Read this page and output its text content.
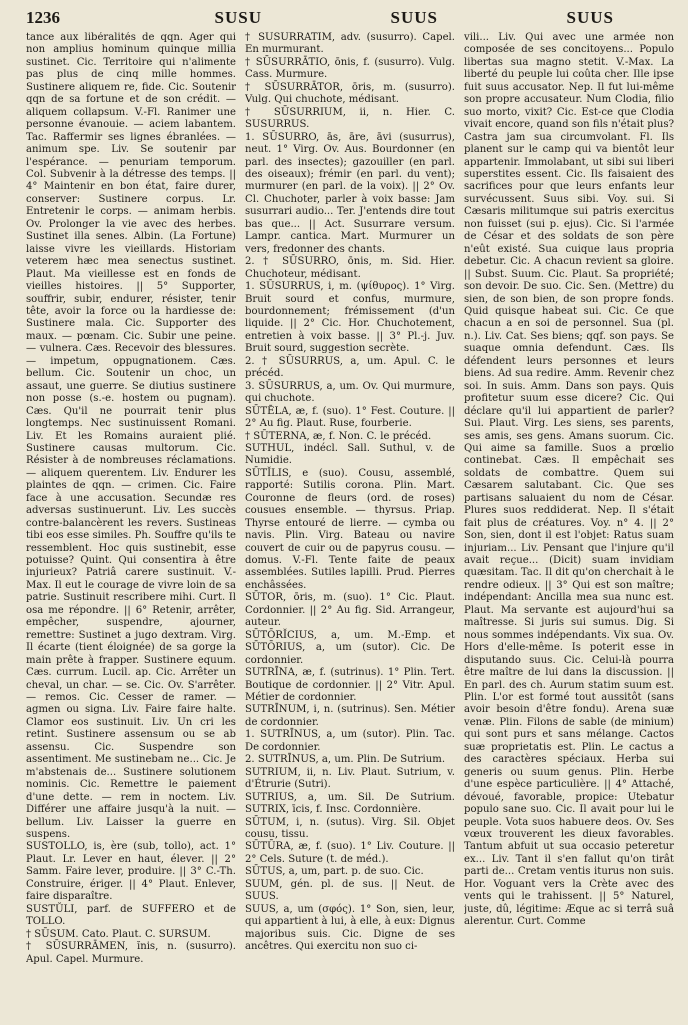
1236	SUSU	SUUS	SUUS

tance aux libéralités de qqn. Ager qui non amplius hominum quinque millia sustinet. Cic. Territoire qui n'alimente pas plus de cinq mille hommes. Sustinere aliquem re, fide. Cic. Soutenir qqn de sa fortune et de son crédit. — aliquem collapsum. V.-Fl. Ranimer une personne évanouie. — aciem labantem. Tac. Raffermir ses lignes ébranlées. — animum spe. Liv. Se soutenir par l'espérance. — penuriam temporum. Col. Subvenir à la détresse des temps. || 4° Maintenir en bon état, faire durer, conserver: Sustinere corpus. Lr. Entretenir le corps. — animam herbis. Ov. Prolonger la vie avec des herbes. Sustinet illa senes. Albin. (La Fortune) laisse vivre les vieillards. Historiam veterem hæc mea senectus sustinet. Plaut. Ma vieillesse est en fonds de vieilles histoires. || 5° Supporter, souffrir, subir, endurer, résister, tenir tête, avoir la force ou la hardiesse de: Sustinere mala. Cic. Supporter des maux. — pœnam. Cic. Subir une peine. — vulnera. Cæs. Recevoir des blessures. — impetum, oppugnationem. Cæs. bellum. Cic. Soutenir un choc, un assaut, une guerre. Se diutius sustinere non posse (s.-e. hostem ou pugnam). Cæs. Qu'il ne pourrait tenir plus longtemps. Nec sustinuissent Romani. Liv. Et les Romains auraient plié. Sustinere causas multorum. Cic. Résister à de nombreuses réclamations. — aliquem querentem. Liv. Endurer les plaintes de qqn. — crimen. Cic. Faire face à une accusation. Secundæ res adversas sustinuerunt. Liv. Les succès contre-balancèrent les revers. Sustineas tibi eos esse similes. Ph. Souffre qu'ils te ressemblent. Hoc quis sustinebit, esse potuisse? Quint. Qui consentira à être injurieux? Patriâ carere sustinuit. V.-Max. Il eut le courage de vivre loin de sa patrie. Sustinuit rescribere mihi. Curt. Il osa me répondre. || 6° Retenir, arrêter, empêcher, suspendre, ajourner, remettre: Sustinet a jugo dextram. Virg. Il écarte (tient éloignée) de sa gorge la main prête à frapper. Sustinere equum. Cæs. currum. Lucil. ap. Cic. Arrêter un cheval, un char. — se. Cic. Ov. S'arrêter. — remos. Cic. Cesser de ramer. — agmen ou signa. Liv. Faire faire halte. Clamor eos sustinuit. Liv. Un cri les retint. Sustinere assensum ou se ab assensu. Cic. Suspendre son assentiment. Me sustinebam ne... Cic. Je m'abstenais de... Sustinere solutionem nominis. Cic. Remettre le paiement d'une dette. — rem in noctem. Liv. Différer une affaire jusqu'à la nuit. — bellum. Liv. Laisser la guerre en suspens.

SUSTOLLO, is, ère (sub, tollo), act. 1° Plaut. Lr. Lever en haut, élever. || 2° Samm. Faire lever, produire. || 3° C.-Th. Construire, ériger. || 4° Plaut. Enlever, faire disparaître.

SUSTŬLI, parf. de SUFFERO et de TOLLO.

† SŪSUM. Cato. Plaut. C. SURSUM.

† SŪSURRĀMEN, ĭnis, n. (susurro). Apul. Capel. Murmure.

† SŪSURRĀTIM, adv. (susurro). Capel. En murmurant.

† SŪSURRĀTIO, ōnis, f. (susurro). Vulg. Cass. Murmure.

† SŪSURRĀTOR, ōris, m. (susurro). Vulg. Qui chuchote, médisant.

† SŪSURRIUM, ii, n. Hier. C. SUSURRUS.

1. SŪSURRO, ās, āre, āvi (susurrus), neut. 1° Virg. Ov. Aus. Bourdonner (en parl. des insectes); gazouiller (en parl. des oiseaux); frémir (en parl. du vent); murmurer (en parl. de la voix). || 2° Ov. Cl. Chuchoter, parler à voix basse: Jam susurrari audio... Ter. J'entends dire tout bas que... || Act. Susurrare versum. Lampr. cantica. Mart. Murmurer un vers, fredonner des chants.

2. † SŪSURRO, ōnis, m. Sid. Hier. Chuchoteur, médisant.

1. SŪSURRUS, i, m. (ψίθυρος). 1° Virg. Bruit sourd et confus, murmure, bourdonnement; frémissement (d'un liquide. || 2° Cic. Hor. Chuchotement, entretien à voix basse. || 3° Pl.-j. Juv. Bruit sourd, suggestion secrète.

2. † SŪSURRUS, a, um. Apul. C. le précéd.

3. SŪSURRUS, a, um. Ov. Qui murmure, qui chuchote.

SŪTĒLA, æ, f. (suo). 1° Fest. Couture. || 2° Au fig. Plaut. Ruse, fourberie.

† SŪTERNA, æ, f. Non. C. le précéd.

SUTHUL, indécl. Sall. Suthul, v. de Numidie.

SŪTĬLIS, e (suo). Cousu, assemblé, rapporté: Sutilis corona. Plin. Mart. Couronne de fleurs (ord. de roses) cousues ensemble. — thyrsus. Priap. Thyrse entouré de lierre. — cymba ou navis. Plin. Virg. Bateau ou navire couvert de cuir ou de papyrus cousu. — domus. V.-Fl. Tente faite de peaux assemblées. Sutiles lapilli. Prud. Pierres enchâssées.

SŪTOR, ōris, m. (suo). 1° Cic. Plaut. Cordonnier. || 2° Au fig. Sid. Arrangeur, auteur.

SŪTŌRĬCIUS, a, um. M.-Emp. et SŪTŌRIUS, a, um (sutor). Cic. De cordonnier.

SUTRĪNA, æ, f. (sutrinus). 1° Plin. Tert. Boutique de cordonnier. || 2° Vitr. Apul. Métier de cordonnier.

SUTRĪNUM, i, n. (sutrinus). Sen. Métier de cordonnier.

1. SUTRĪNUS, a, um (sutor). Plin. Tac. De cordonnier.

2. SUTRĪNUS, a, um. Plin. De Sutrium.

SUTRIUM, ii, n. Liv. Plaut. Sutrium, v. d'Étrurie (Sutri).

SUTRIUS, a, um. Sil. De Sutrium. SUTRIX, īcis, f. Insc. Cordonnière.

SŪTUM, i, n. (sutus). Virg. Sil. Objet cousu, tissu.

SŪTŪRA, æ, f. (suo). 1° Liv. Couture. || 2° Cels. Suture (t. de méd.).

SŪTUS, a, um, part. p. de suo. Cic.

SUUM, gén. pl. de sus. || Neut. de SUUS.

SUUS, a, um (σφός). 1° Son, sien, leur, qui appartient à lui, à elle, à eux: Dignus majoribus suis. Cic. Digne de ses ancêtres. Qui exercitu non suo ci-

vili... Liv. Qui avec une armée non composée de ses concitoyens... Populo libertas sua magno stetit. V.-Max. La liberté du peuple lui coûta cher. Ille ipse fuit suus accusator. Nep. Il fut lui-même son propre accusateur. Num Clodia, filio suo morto, vixit? Cic. Est-ce que Clodia vivait encore, quand son fils n'était plus? Castra jam sua circumvolant. Fl. Ils planent sur le camp qui va bientôt leur appartenir. Immolabant, ut sibi sui liberi superstites essent. Cic. Ils faisaient des sacrifices pour que leurs enfants leur survécussent. Suus sibi. Voy. sui. Si Cæsaris militumque sui patris exercitus non fuisset (sui p. ejus). Cic. Si l'armée de César et des soldats de son père n'eût existé. Sua cuique laus propria debetur. Cic. A chacun revient sa gloire. || Subst. Suum. Cic. Plaut. Sa propriété; son devoir. De suo. Cic. Sen. (Mettre) du sien, de son bien, de son propre fonds. Quid quisque habeat sui. Cic. Ce que chacun a en soi de personnel. Sua (pl. n.). Liv. Cat. Ses biens; qqf. son pays. Se suaque omnia defendunt. Cæs. Ils défendent leurs personnes et leurs biens. Ad sua redire. Amm. Revenir chez soi. In suis. Amm. Dans son pays. Quis profitetur suum esse dicere? Cic. Qui déclare qu'il lui appartient de parler? Sui. Plaut. Virg. Les siens, ses parents, ses amis, ses gens. Amans suorum. Cic. Qui aime sa famille. Suos a prœlio continebat. Cæs. Il empêchait ses soldats de combattre. Quem sui Cæsarem salutabant. Cic. Que ses partisans saluaient du nom de César. Plures suos reddiderat. Nep. Il s'était fait plus de créatures. Voy. n° 4. || 2° Son, sien, dont il est l'objet: Ratus suam injuriam... Liv. Pensant que l'injure qu'il avait reçue... (Dicit) suam invidiam quæsitam. Tac. Il dit qu'on cherchait à le rendre odieux. || 3° Qui est son maître; indépendant: Ancilla mea sua nunc est. Plaut. Ma servante est aujourd'hui sa maîtresse. Si juris sui sumus. Dig. Si nous sommes indépendants. Vix sua. Ov. Hors d'elle-même. Is poterit esse in disputando suus. Cic. Celui-là pourra être maître de lui dans la discussion. || En parl. des ch. Aurum statim suum est. Plin. L'or est formé tout aussitôt (sans avoir besoin d'être fondu). Arena suæ venæ. Plin. Filons de sable (de minium) qui sont purs et sans mélange. Cactos suæ proprietatis est. Plin. Le cactus a des caractères spéciaux. Herba sui generis ou suum genus. Plin. Herbe d'une espèce particulière. || 4° Attaché, dévoué, favorable, propice: Utebatur populo sane suo. Cic. Il avait pour lui le peuple. Vota suos habuere deos. Ov. Ses vœux trouverent les dieux favorables. Tantum abfuit ut sua occasio peteretur ex... Liv. Tant il s'en fallut qu'on tirât parti de... Cretam ventis iturus non suis. Hor. Voguant vers la Crète avec des vents qui le trahissent. || 5° Naturel, juste, dû, légitime: Æque ac si terrâ suâ alerentur. Curt. Comme
